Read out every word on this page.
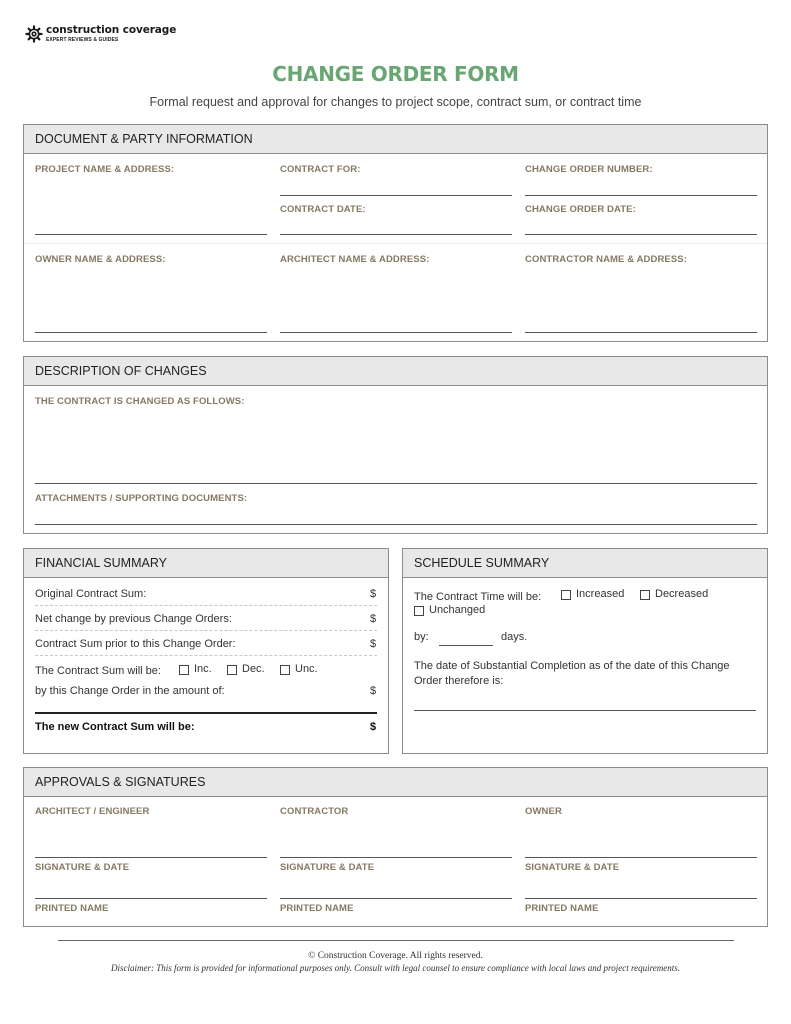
construction coverage
EXPERT REVIEWS & GUIDES
CHANGE ORDER FORM
Formal request and approval for changes to project scope, contract sum, or contract time
DOCUMENT & PARTY INFORMATION
PROJECT NAME & ADDRESS:	CONTRACT FOR:	CHANGE ORDER NUMBER:
CONTRACT DATE:	CHANGE ORDER DATE:
OWNER NAME & ADDRESS:	ARCHITECT NAME & ADDRESS:	CONTRACTOR NAME & ADDRESS:
DESCRIPTION OF CHANGES
THE CONTRACT IS CHANGED AS FOLLOWS:
ATTACHMENTS / SUPPORTING DOCUMENTS:
FINANCIAL SUMMARY
Original Contract Sum:	$
Net change by previous Change Orders:	$
Contract Sum prior to this Change Order:	$
The Contract Sum will be:	Inc.	Dec.	Unc.
by this Change Order in the amount of:	$
The new Contract Sum will be:	$
SCHEDULE SUMMARY
The Contract Time will be:	Increased	Decreased
Unchanged
by:	days.
The date of Substantial Completion as of the date of this Change
Order therefore is:
APPROVALS & SIGNATURES
ARCHITECT / ENGINEER
SIGNATURE & DATE
PRINTED NAME
CONTRACTOR
SIGNATURE & DATE
PRINTED NAME
OWNER
SIGNATURE & DATE
PRINTED NAME
© Construction Coverage. All rights reserved.
Disclaimer: This form is provided for informational purposes only. Consult with legal counsel to ensure compliance with local laws and project requirements.
